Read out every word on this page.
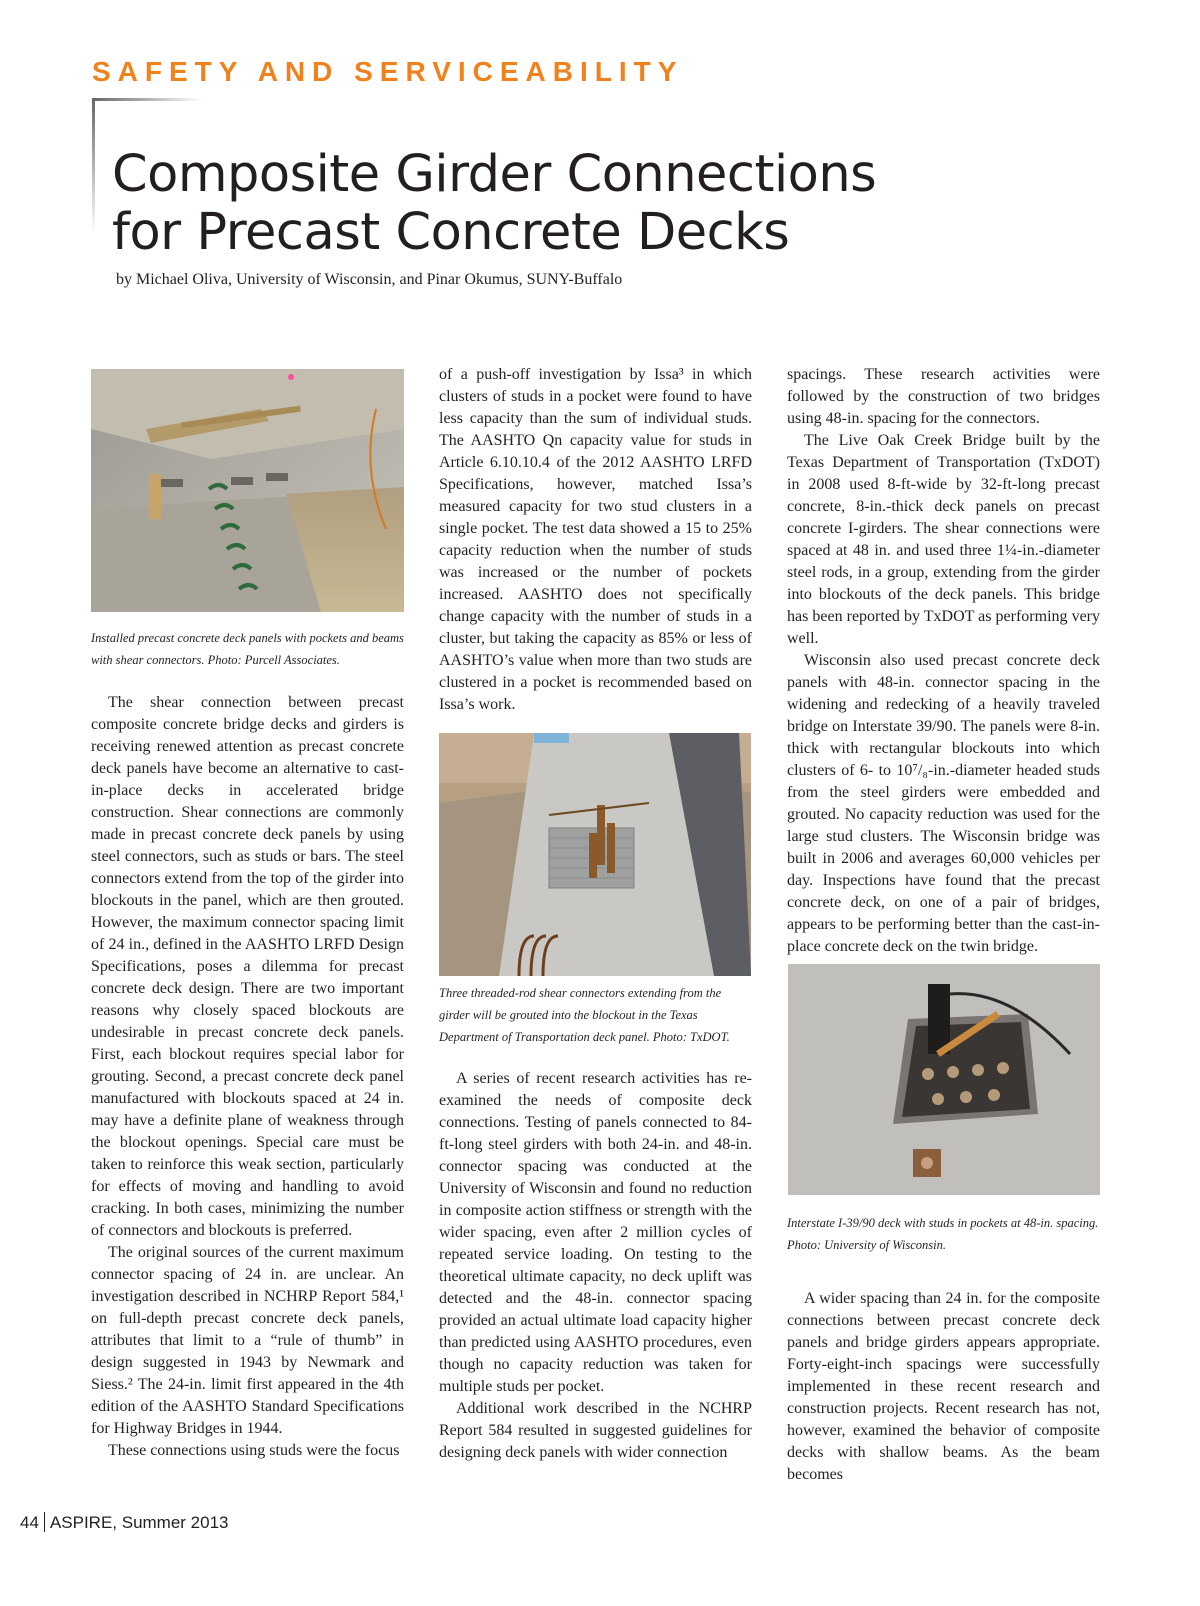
SAFETY AND SERVICEABILITY
Composite Girder Connections
for Precast Concrete Decks
by Michael Oliva, University of Wisconsin, and Pinar Okumus, SUNY-Buffalo
Installed precast concrete deck panels with pockets and beams with shear connectors. Photo: Purcell Associates.

The shear connection between precast composite concrete bridge decks and girders is receiving renewed attention as precast concrete deck panels have become an alternative to cast-in-place decks in accelerated bridge construction. Shear connections are commonly made in precast concrete deck panels by using steel connectors, such as studs or bars. The steel connectors extend from the top of the girder into blockouts in the panel, which are then grouted. However, the maximum connector spacing limit of 24 in., defined in the AASHTO LRFD Design Specifications, poses a dilemma for precast concrete deck design. There are two important reasons why closely spaced blockouts are undesirable in precast concrete deck panels. First, each blockout requires special labor for grouting. Second, a precast concrete deck panel manufactured with blockouts spaced at 24 in. may have a definite plane of weakness through the blockout openings. Special care must be taken to reinforce this weak section, particularly for effects of moving and handling to avoid cracking. In both cases, minimizing the number of connectors and blockouts is preferred.

The original sources of the current maximum connector spacing of 24 in. are unclear. An investigation described in NCHRP Report 584,¹ on full-depth precast concrete deck panels, attributes that limit to a “rule of thumb” in design suggested in 1943 by Newmark and Siess.² The 24-in. limit first appeared in the 4th edition of the AASHTO Standard Specifications for Highway Bridges in 1944.

These connections using studs were the focus

of a push-off investigation by Issa³ in which clusters of studs in a pocket were found to have less capacity than the sum of individual studs. The AASHTO Qn capacity value for studs in Article 6.10.10.4 of the 2012 AASHTO LRFD Specifications, however, matched Issa’s measured capacity for two stud clusters in a single pocket. The test data showed a 15 to 25% capacity reduction when the number of studs was increased or the number of pockets increased. AASHTO does not specifically change capacity with the number of studs in a cluster, but taking the capacity as 85% or less of AASHTO’s value when more than two studs are clustered in a pocket is recommended based on Issa’s work.

Three threaded-rod shear connectors extending from the girder will be grouted into the blockout in the Texas Department of Transportation deck panel. Photo: TxDOT.

A series of recent research activities has re-examined the needs of composite deck connections. Testing of panels connected to 84-ft-long steel girders with both 24-in. and 48-in. connector spacing was conducted at the University of Wisconsin and found no reduction in composite action stiffness or strength with the wider spacing, even after 2 million cycles of repeated service loading. On testing to the theoretical ultimate capacity, no deck uplift was detected and the 48-in. connector spacing provided an actual ultimate load capacity higher than predicted using AASHTO procedures, even though no capacity reduction was taken for multiple studs per pocket.

Additional work described in the NCHRP Report 584 resulted in suggested guidelines for designing deck panels with wider connection

spacings. These research activities were followed by the construction of two bridges using 48-in. spacing for the connectors.

The Live Oak Creek Bridge built by the Texas Department of Transportation (TxDOT) in 2008 used 8-ft-wide by 32-ft-long precast concrete, 8-in.-thick deck panels on precast concrete I-girders. The shear connections were spaced at 48 in. and used three 1¼-in.-diameter steel rods, in a group, extending from the girder into blockouts of the deck panels. This bridge has been reported by TxDOT as performing very well.

Wisconsin also used precast concrete deck panels with 48-in. connector spacing in the widening and redecking of a heavily traveled bridge on Interstate 39/90. The panels were 8-in. thick with rectangular blockouts into which clusters of 6- to 10⁷/₈-in.-diameter headed studs from the steel girders were embedded and grouted. No capacity reduction was used for the large stud clusters. The Wisconsin bridge was built in 2006 and averages 60,000 vehicles per day. Inspections have found that the precast concrete deck, on one of a pair of bridges, appears to be performing better than the cast-in-place concrete deck on the twin bridge.

Interstate I-39/90 deck with studs in pockets at 48-in. spacing. Photo: University of Wisconsin.

A wider spacing than 24 in. for the composite connections between precast concrete deck panels and bridge girders appears appropriate. Forty-eight-inch spacings were successfully implemented in these recent research and construction projects. Recent research has not, however, examined the behavior of composite decks with shallow beams. As the beam becomes

44 ASPIRE, Summer 2013
